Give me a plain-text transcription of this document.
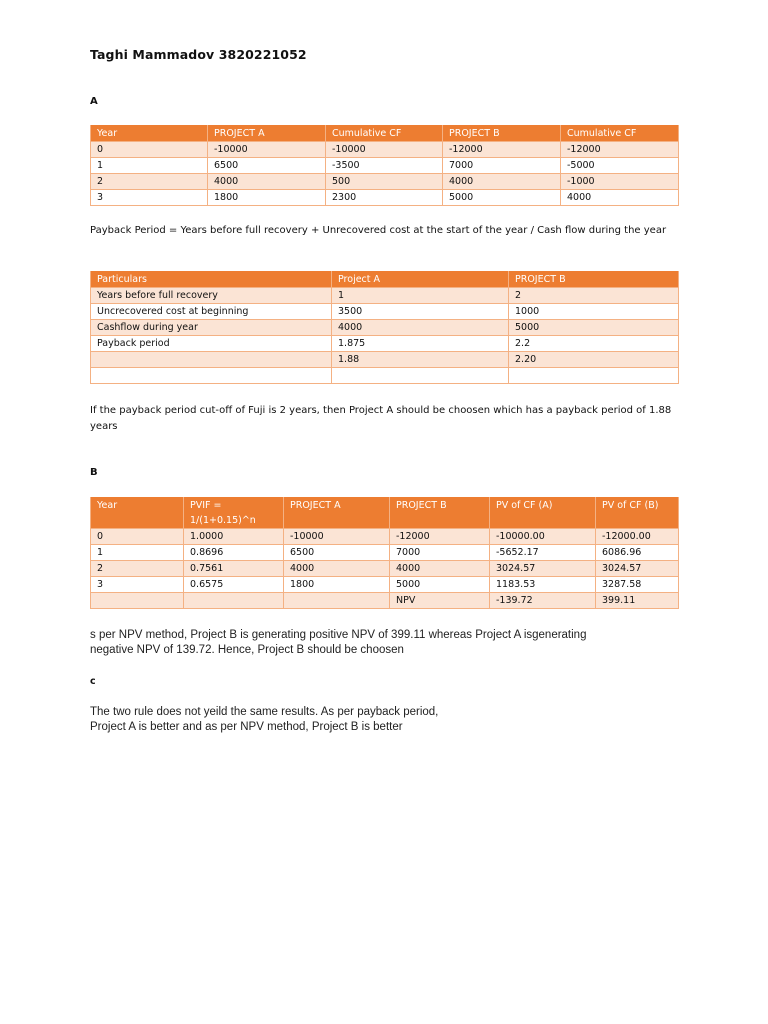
Taghi Mammadov 3820221052

A

Year	PROJECT A	Cumulative CF	PROJECT B	Cumulative CF
0	-10000	-10000	-12000	-12000
1	6500	-3500	7000	-5000
2	4000	500	4000	-1000
3	1800	2300	5000	4000

Payback Period = Years before full recovery + Unrecovered cost at the start of the year / Cash flow during the year

Particulars	Project A	PROJECT B
Years before full recovery	1	2
Uncrecovered cost at beginning	3500	1000
Cashflow during year	4000	5000
Payback period	1.875	2.2
	1.88	2.20

If the payback period cut-off of Fuji is 2 years, then Project A should be choosen which has a payback period of 1.88 years

B

Year	PVIF = 1/(1+0.15)^n	PROJECT A	PROJECT B	PV of CF (A)	PV of CF (B)
0	1.0000	-10000	-12000	-10000.00	-12000.00
1	0.8696	6500	7000	-5652.17	6086.96
2	0.7561	4000	4000	3024.57	3024.57
3	0.6575	1800	5000	1183.53	3287.58
			NPV	-139.72	399.11

s per NPV method, Project B is generating positive NPV of 399.11 whereas Project A isgenerating
negative NPV of 139.72. Hence, Project B should be choosen

c

The two rule does not yeild the same results. As per payback period,
Project A is better and as per NPV method, Project B is better
